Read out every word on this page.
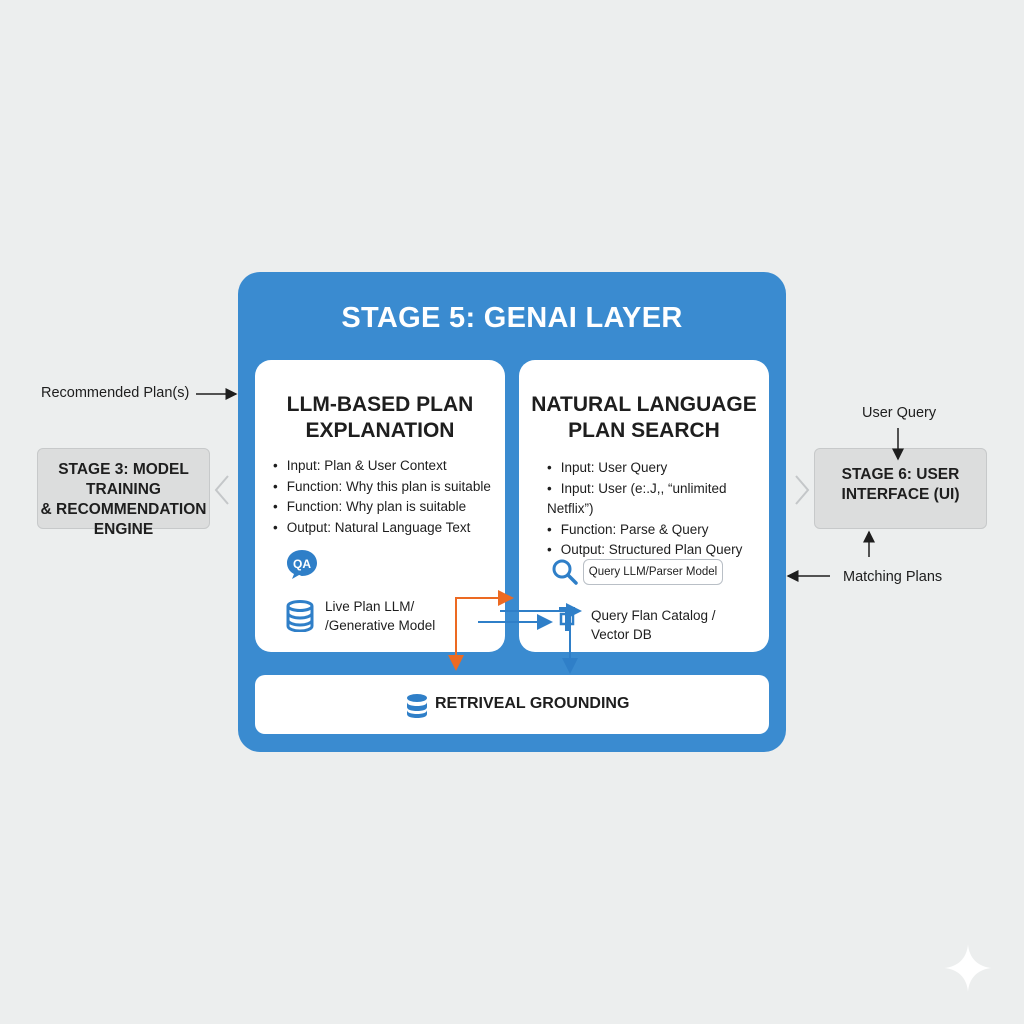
Recommended Plan(s)
User Query
Matching Plans
STAGE 3: MODEL TRAINING
& RECOMMENDATION
ENGINE
STAGE 6: USER
INTERFACE (UI)
STAGE 5: GENAI LAYER
LLM-BASED PLAN
EXPLANATION
• Input: Plan & User Context
• Function: Why this plan is suitable
• Function: Why plan is suitable
• Output: Natural Language Text
QA
Live Plan LLM/
/Generative Model
NATURAL LANGUAGE
PLAN SEARCH
• Input: User Query
• Input: User (e:.J,, “unlimited Netflix”)
• Function: Parse & Query
• Output: Structured Plan Query
Query LLM/Parser Model
Query Flan Catalog /
Vector DB
RETRIVEAL GROUNDING
